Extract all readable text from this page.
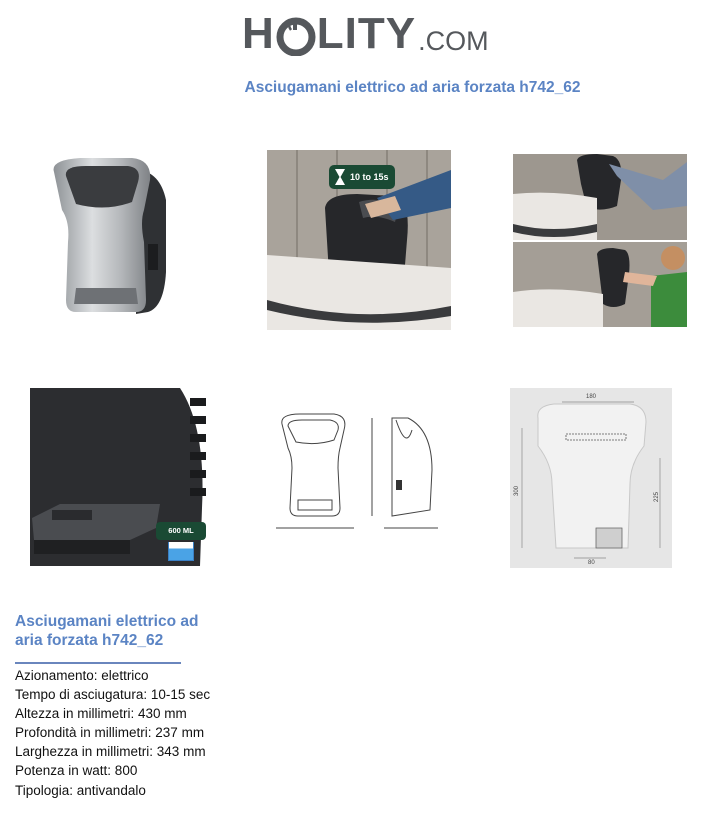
H LITY .COM
Asciugamani elettrico ad aria forzata h742_62
10 to 15s
600 ML
180
300
225
80
Asciugamani elettrico ad
aria forzata h742_62
Azionamento: elettrico
Tempo di asciugatura: 10-15 sec
Altezza in millimetri: 430 mm
Profondità in millimetri: 237 mm
Larghezza in millimetri: 343 mm
Potenza in watt: 800
Tipologia: antivandalo
